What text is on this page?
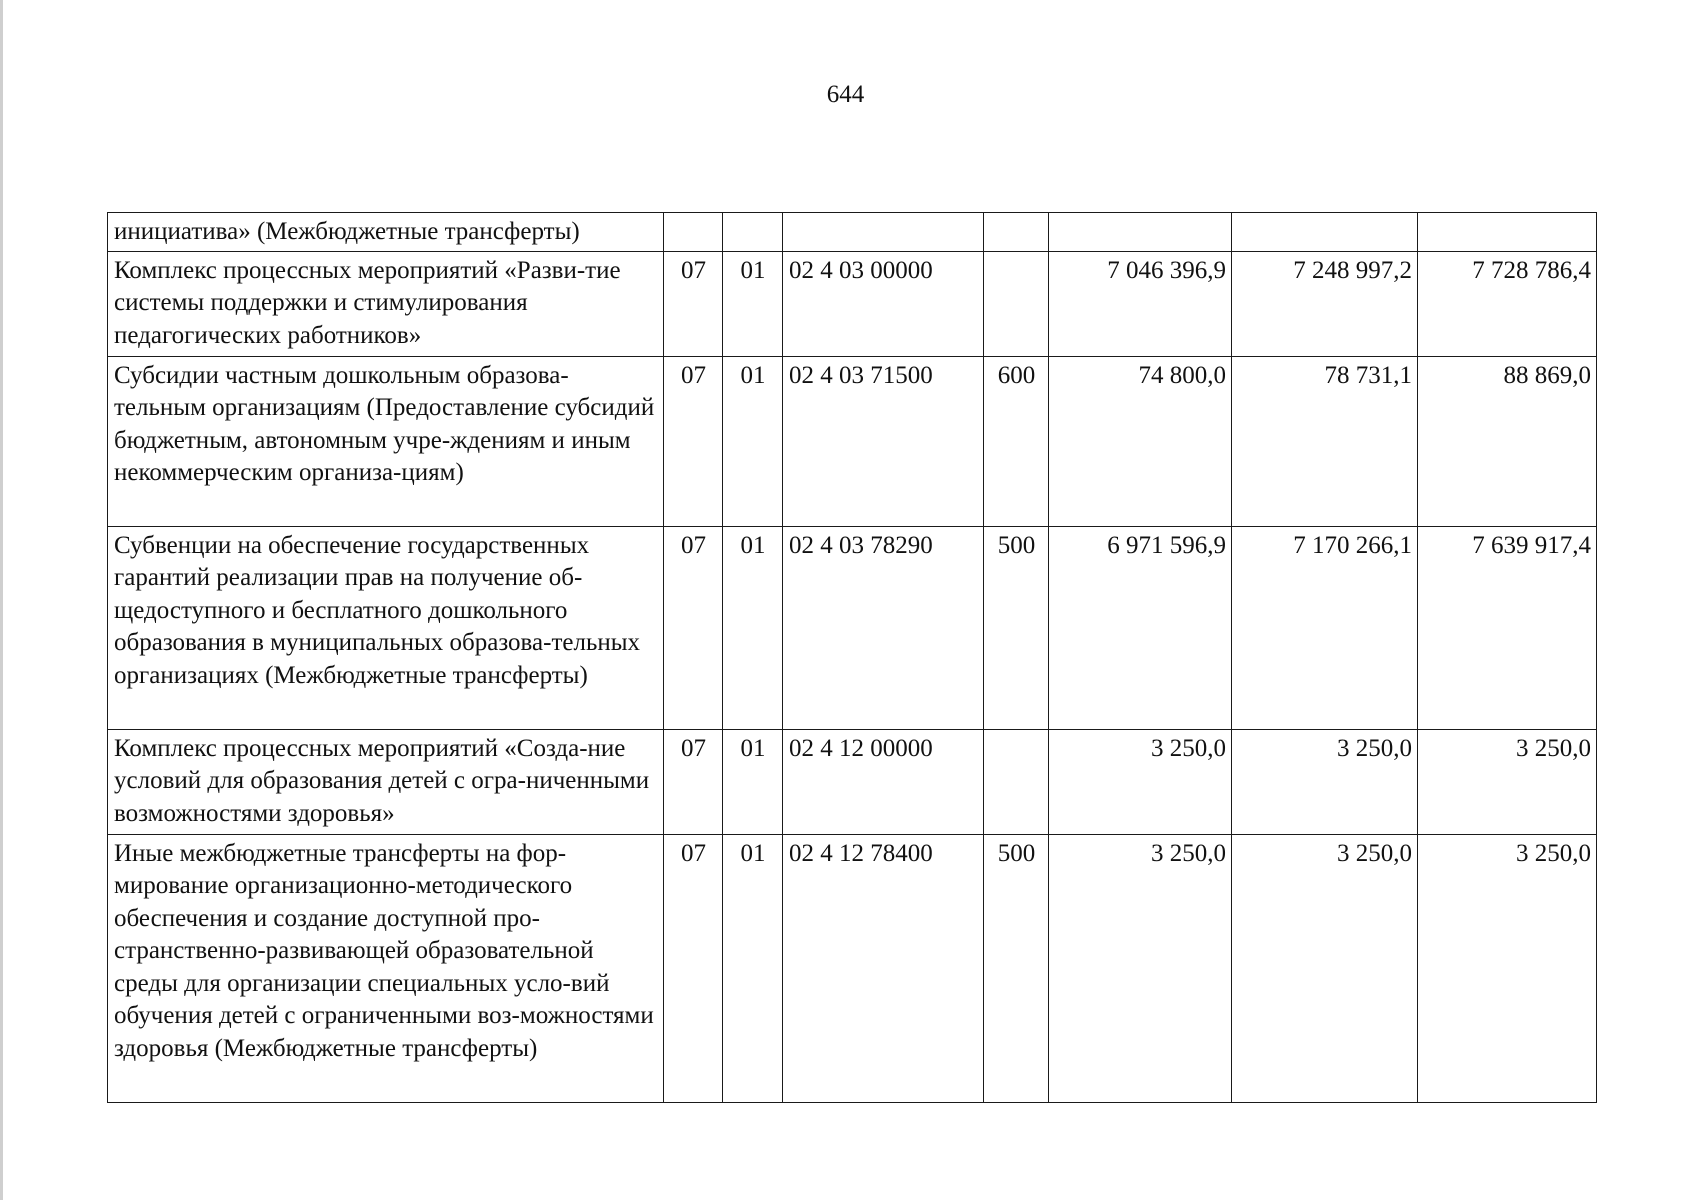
644
инициатива» (Межбюджетные трансферты)							
Комплекс процессных мероприятий «Разви-тие системы поддержки и стимулирования педагогических работников»	07	01	02 4 03 00000		7 046 396,9	7 248 997,2	7 728 786,4
Субсидии частным дошкольным образова-тельным организациям (Предоставление субсидий бюджетным, автономным учре-ждениям и иным некоммерческим организа-циям)	07	01	02 4 03 71500	600	74 800,0	78 731,1	88 869,0
Субвенции на обеспечение государственных гарантий реализации прав на получение об-щедоступного и бесплатного дошкольного образования в муниципальных образова-тельных организациях (Межбюджетные трансферты)	07	01	02 4 03 78290	500	6 971 596,9	7 170 266,1	7 639 917,4
Комплекс процессных мероприятий «Созда-ние условий для образования детей с огра-ниченными возможностями здоровья»	07	01	02 4 12 00000		3 250,0	3 250,0	3 250,0
Иные межбюджетные трансферты на фор-мирование организационно-методического обеспечения и создание доступной про-странственно-развивающей образовательной среды для организации специальных усло-вий обучения детей с ограниченными воз-можностями здоровья (Межбюджетные трансферты)	07	01	02 4 12 78400	500	3 250,0	3 250,0	3 250,0
